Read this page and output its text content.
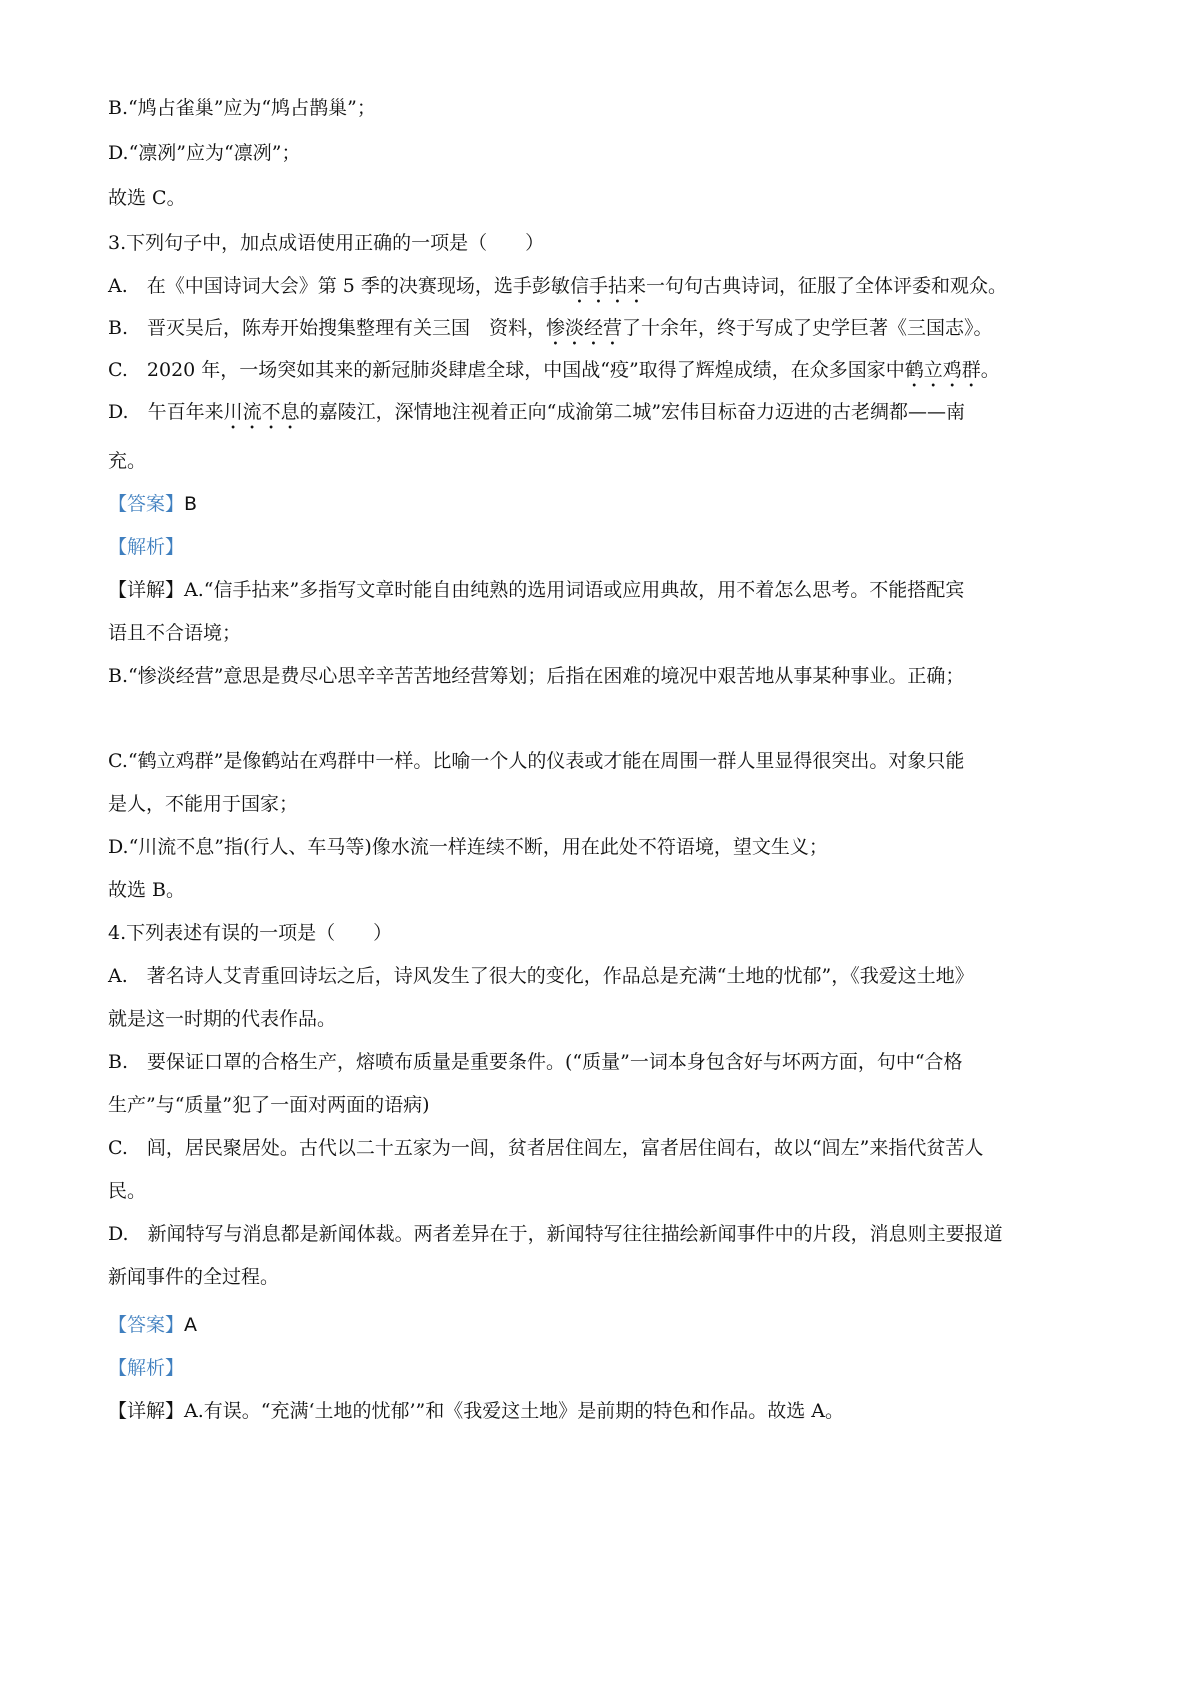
B.“鸠占雀巢”应为“鸠占鹊巢”；
D.“凛冽”应为“凛冽”；
故选 C。
3.下列句子中，加点成语使用正确的一项是（　　）
A.　在《中国诗词大会》第 5 季的决赛现场，选手彭敏信手拈来一句句古典诗词，征服了全体评委和观众。
B.　晋灭吴后，陈寿开始搜集整理有关三国　资料，惨淡经营了十余年，终于写成了史学巨著《三国志》。
C.　2020 年，一场突如其来的新冠肺炎肆虐全球，中国战“疫”取得了辉煌成绩，在众多国家中鹤立鸡群。
D.　午百年来川流不息的嘉陵江，深情地注视着正向“成渝第二城”宏伟目标奋力迈进的古老绸都——南
充。
【答案】B
【解析】
【详解】A.“信手拈来”多指写文章时能自由纯熟的选用词语或应用典故，用不着怎么思考。不能搭配宾
语且不合语境；
B.“惨淡经营”意思是费尽心思辛辛苦苦地经营筹划；后指在困难的境况中艰苦地从事某种事业。正确；
C.“鹤立鸡群”是像鹤站在鸡群中一样。比喻一个人的仪表或才能在周围一群人里显得很突出。对象只能
是人，不能用于国家；
D.“川流不息”指(行人、车马等)像水流一样连续不断，用在此处不符语境，望文生义；
故选 B。
4.下列表述有误的一项是（　　）
A.　著名诗人艾青重回诗坛之后，诗风发生了很大的变化，作品总是充满“土地的忧郁”，《我爱这土地》
就是这一时期的代表作品。
B.　要保证口罩的合格生产，熔喷布质量是重要条件。(“质量”一词本身包含好与坏两方面，句中“合格
生产”与“质量”犯了一面对两面的语病)
C.　闾，居民聚居处。古代以二十五家为一闾，贫者居住闾左，富者居住闾右，故以“闾左”来指代贫苦人
民。
D.　新闻特写与消息都是新闻体裁。两者差异在于，新闻特写往往描绘新闻事件中的片段，消息则主要报道
新闻事件的全过程。
【答案】A
【解析】
【详解】A.有误。“充满‘土地的忧郁’”和《我爱这土地》是前期的特色和作品。故选 A。
